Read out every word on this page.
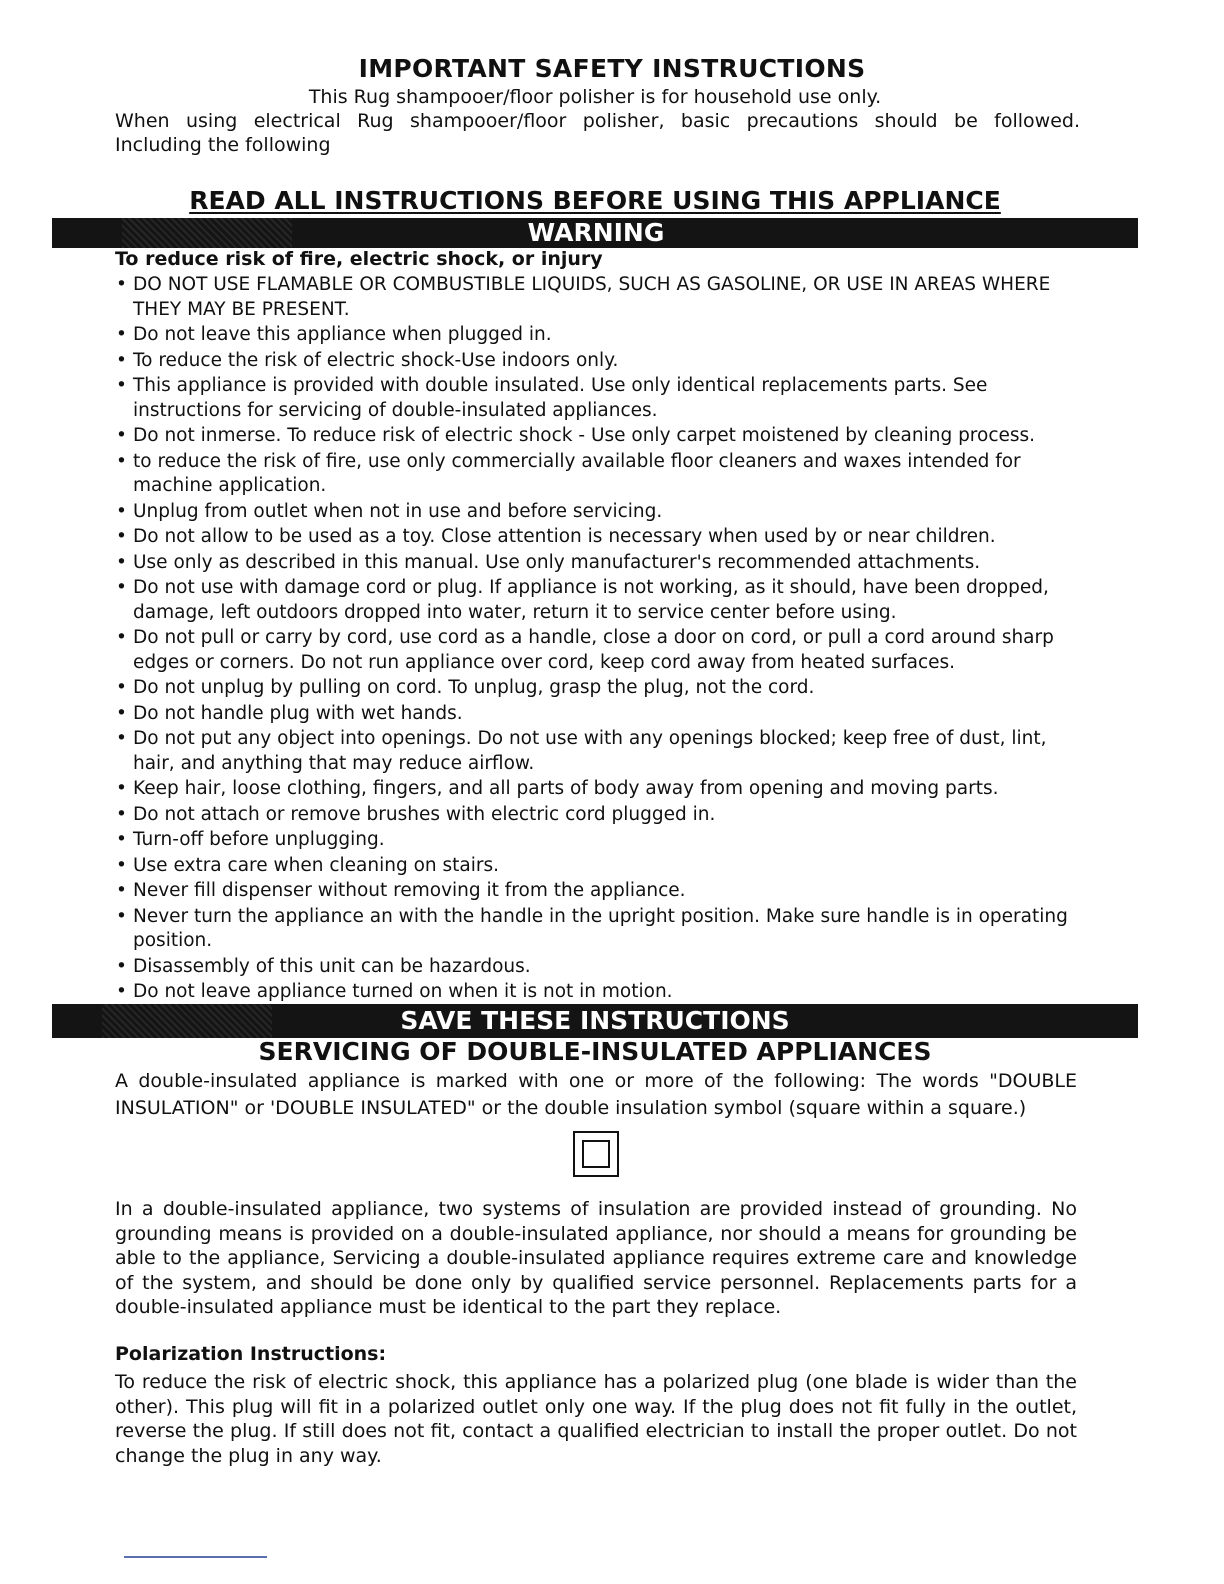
IMPORTANT SAFETY INSTRUCTIONS
This Rug shampooer/floor polisher is for household use only.
When using electrical Rug shampooer/floor polisher, basic precautions should be followed.
Including the following
READ ALL INSTRUCTIONS BEFORE USING THIS APPLIANCE
WARNING
To reduce risk of fire, electric shock, or injury
• DO NOT USE FLAMABLE OR COMBUSTIBLE LIQUIDS, SUCH AS GASOLINE, OR USE IN AREAS WHERE THEY MAY BE PRESENT.
• Do not leave this appliance when plugged in.
• To reduce the risk of electric shock-Use indoors only.
• This appliance is provided with double insulated. Use only identical replacements parts. See instructions for servicing of double-insulated appliances.
• Do not inmerse. To reduce risk of electric shock - Use only carpet moistened by cleaning process.
• to reduce the risk of fire, use only commercially available floor cleaners and waxes intended for machine application.
• Unplug from outlet when not in use and before servicing.
• Do not allow to be used as a toy. Close attention is necessary when used by or near children.
• Use only as described in this manual. Use only manufacturer's recommended attachments.
• Do not use with damage cord or plug. If appliance is not working, as it should, have been dropped, damage, left outdoors dropped into water, return it to service center before using.
• Do not pull or carry by cord, use cord as a handle, close a door on cord, or pull a cord around sharp edges or corners. Do not run appliance over cord, keep cord away from heated surfaces.
• Do not unplug by pulling on cord. To unplug, grasp the plug, not the cord.
• Do not handle plug with wet hands.
• Do not put any object into openings. Do not use with any openings blocked; keep free of dust, lint, hair, and anything that may reduce airflow.
• Keep hair, loose clothing, fingers, and all parts of body away from opening and moving parts.
• Do not attach or remove brushes with electric cord plugged in.
• Turn-off before unplugging.
• Use extra care when cleaning on stairs.
• Never fill dispenser without removing it from the appliance.
• Never turn the appliance an with the handle in the upright position. Make sure handle is in operating position.
• Disassembly of this unit can be hazardous.
• Do not leave appliance turned on when it is not in motion.
SAVE THESE INSTRUCTIONS
SERVICING OF DOUBLE-INSULATED APPLIANCES
A double-insulated appliance is marked with one or more of the following: The words "DOUBLE INSULATION" or 'DOUBLE INSULATED" or the double insulation symbol (square within a square.)
In a double-insulated appliance, two systems of insulation are provided instead of grounding. No grounding means is provided on a double-insulated appliance, nor should a means for grounding be able to the appliance, Servicing a double-insulated appliance requires extreme care and knowledge of the system, and should be done only by qualified service personnel. Replacements parts for a double-insulated appliance must be identical to the part they replace.
Polarization Instructions:
To reduce the risk of electric shock, this appliance has a polarized plug (one blade is wider than the other). This plug will fit in a polarized outlet only one way. If the plug does not fit fully in the outlet, reverse the plug. If still does not fit, contact a qualified electrician to install the proper outlet. Do not change the plug in any way.
